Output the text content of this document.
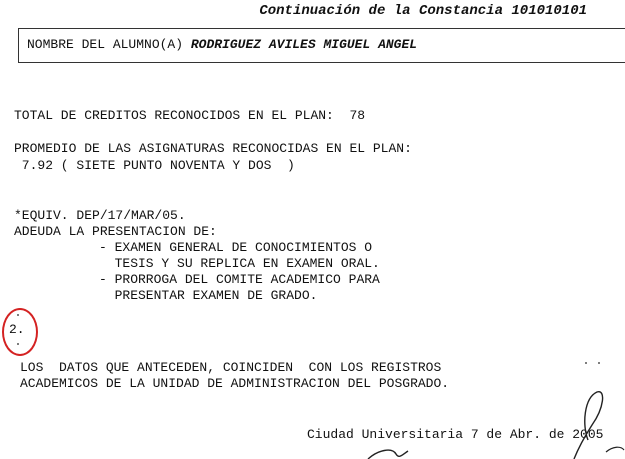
Continuación de la Constancia 101010101
NOMBRE DEL ALUMNO(A) RODRIGUEZ AVILES MIGUEL ANGEL
TOTAL DE CREDITOS RECONOCIDOS EN EL PLAN:  78
PROMEDIO DE LAS ASIGNATURAS RECONOCIDAS EN EL PLAN:
7.92 ( SIETE PUNTO NOVENTA Y DOS  )
*EQUIV. DEP/17/MAR/05.
ADEUDA LA PRESENTACION DE:
- EXAMEN GENERAL DE CONOCIMIENTOS O
TESIS Y SU REPLICA EN EXAMEN ORAL.
- PRORROGA DEL COMITE ACADEMICO PARA
PRESENTAR EXAMEN DE GRADO.
2.
LOS  DATOS QUE ANTECEDEN, COINCIDEN  CON LOS REGISTROS
ACADEMICOS DE LA UNIDAD DE ADMINISTRACION DEL POSGRADO.
Ciudad Universitaria 7 de Abr. de 2005
